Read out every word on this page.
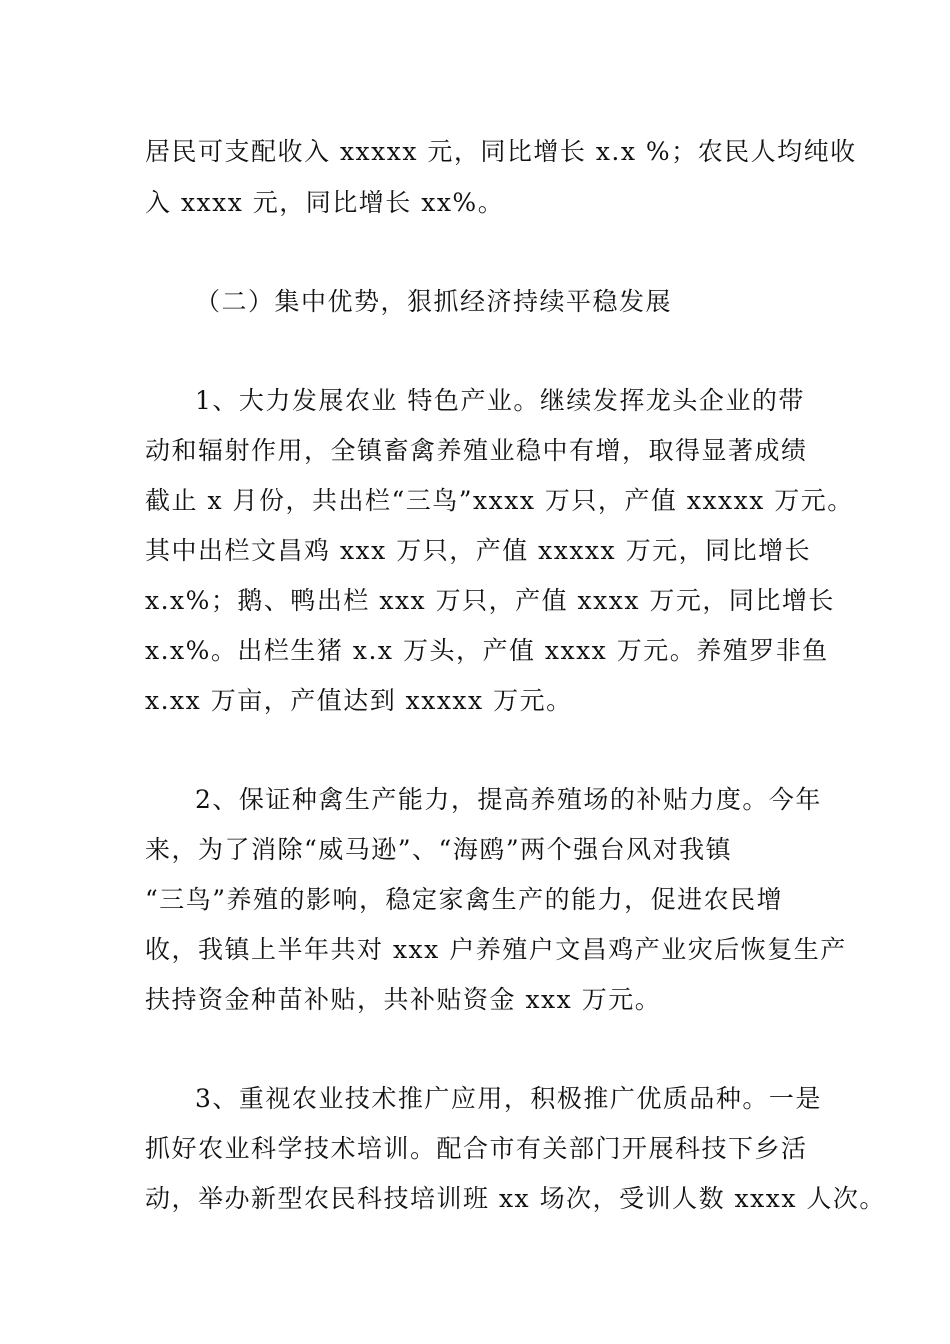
居民可支配收入 xxxxx 元，同比增长 x.x %；农民人均纯收
入 xxxx 元，同比增长 xx%。
（二）集中优势，狠抓经济持续平稳发展
1、大力发展农业 特色产业。继续发挥龙头企业的带
动和辐射作用，全镇畜禽养殖业稳中有增，取得显著成绩
截止 x 月份，共出栏“三鸟”xxxx 万只，产值 xxxxx 万元。
其中出栏文昌鸡 xxx 万只，产值 xxxxx 万元，同比增长
x.x%；鹅、鸭出栏 xxx 万只，产值 xxxx 万元，同比增长
x.x%。出栏生猪 x.x 万头，产值 xxxx 万元。养殖罗非鱼
x.xx 万亩，产值达到 xxxxx 万元。
2、保证种禽生产能力，提高养殖场的补贴力度。今年
来，为了消除“威马逊”、“海鸥”两个强台风对我镇
“三鸟”养殖的影响，稳定家禽生产的能力，促进农民增
收，我镇上半年共对 xxx 户养殖户文昌鸡产业灾后恢复生产
扶持资金种苗补贴，共补贴资金 xxx 万元。
3、重视农业技术推广应用，积极推广优质品种。一是
抓好农业科学技术培训。配合市有关部门开展科技下乡活
动，举办新型农民科技培训班 xx 场次，受训人数 xxxx 人次。
